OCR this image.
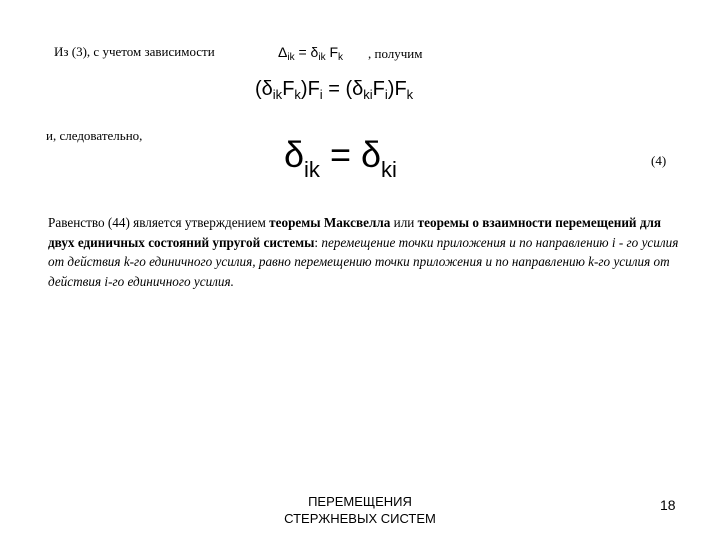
Из (3), с учетом зависимости	$\Delta_{ik} = \delta_{ik}$ $F_k$ , получим
$(\delta_{ik}F_k)F_i = (\delta_{ki}F_i)F_k$
и, следовательно,	$\delta_{ik} = \delta_{ki}$	(4)
Равенство (44) является утверждением теоремы Максвелла или теоремы о взаимности перемещений для двух единичных состояний упругой системы: перемещение точки приложения и по направлению i - го усилия от действия k-го единичного усилия, равно перемещению точки приложения и по направлению k-го усилия от действия i-го единичного усилия.
ПЕРЕМЕЩЕНИЯ
СТЕРЖНЕВЫХ СИСТЕМ
18
